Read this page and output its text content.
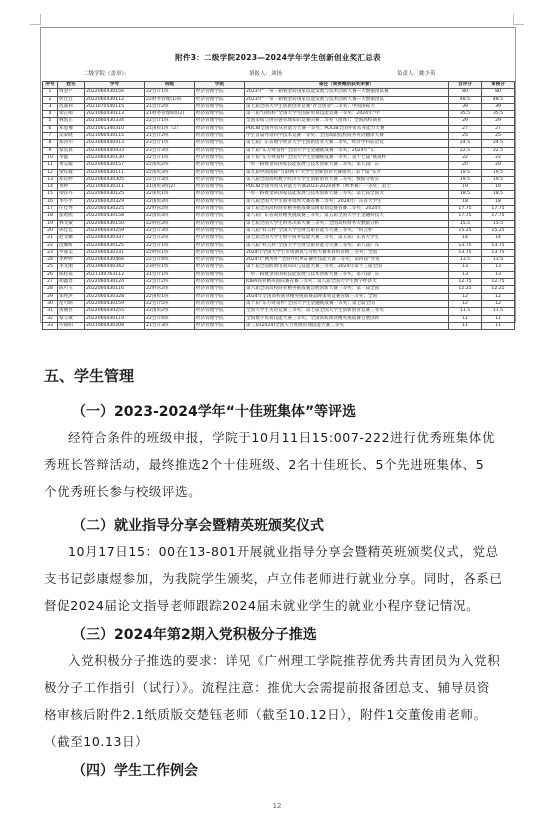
附件3：二级学院2023—2024学年学生创新创业奖汇总表
二级学院（盖章）：	填报人：刘扬	负责人：姚少英
序号	姓名	学号	班级	学院	备注（简要概括获奖荣誉）	自评分	审核分
1	周金卢	2022060430156	22会计1班	经济管理学院	2023年“一带一路暨金砖国家技能发展与技术创新大赛—大数据团队赛	80	80
2	何佳宜	2022060430112	22财务管理(1)班	经济管理学院	2023年“一带一路暨金砖国家技能发展与技术创新大赛—大数据团队	48.5	48.5
3	冼嘉莉	2021070540115	21会计2班	经济管理学院	第七届全国大学生创新创业竞赛“社会创业”二等奖；中国国际大	39	39
4	梁芷晴	2021060430113	21财务管理6班(2)	经济管理学院	第一届“国贸杯”全国大学生国际贸易技能竞赛一等奖；2024年“中	35.5	35.5
5	林凯正	2021060430334	22会计1班	经济管理学院	全国采购与供应链管理知识竞赛决赛二等奖（团体）；全国高校商业	29	29
6	邓思豫	2021061340310	21国贸1班（2）	经济管理学院	POCIB全国外贸从业能力大赛一等奖；POCIB全国外贸从业能力大赛	27	27
7	吴泰晓	2021060430115	21会计2班	经济管理学院	学生首届外语科学技术竞赛一等奖；全国高职院校商务英语翻译大赛	25	25
8	郑涛川	2023060440413	23会计1班	经济管理学院	第七届广东省数字经济大学生创新创业大赛二等奖，经济学科前沿竞	24.5	24.5
9	黎奕晨	2023060440433	23会计3班	经济管理学院	第十届“东方财富杯”全国大学生金融挑战赛一等奖；2024年“正	22.5	22.5
10	李鑫	2022060430130	22会计1班	经济管理学院	第十届“东方财富杯”全国大学生金融挑战赛一等奖；第十七届“挑战杯	22	22
11	黄志媛	2022060430157	22国贸2班	经济管理学院	一带一路暨金砖国家技能发展与技术创新大赛二等奖；第九届广东	20	20
12	梁钰璇	2022060430111	22国贸3班	经济管理学院	第九届中国国际“互联网+”大学生创新创业大赛银奖；第十届“东方	19.5	19.5
13	邓钰婷	2022060430305	22会计3班	经济管理学院	第八届全国高校数字经济大学生创新创业大赛二等奖；数据分析实	19.5	19.5
14	黄婷	2021060430311	21国贸3班(2)	经济管理学院	POCIB全国外贸从业能力大赛2023-2024赛季（秋季赛）一等奖；第七	19	19
15	梁钰丹	2022060430125	22国贸1班	经济管理学院	一带一路暨金砖国家技能发展与技术创新大赛三等奖；第七届全国大	18.5	18.5
16	李小平	2022060420329	22国贸3班	经济管理学院	第八届全国大学生商务谈判大赛省赛二等奖；2024年广东省大学生	18	18
17	庄佳秀	2022060430225	22财管2班	经济管理学院	第十届全国高校商业精英挑战赛品牌策划竞赛省赛二等奖；2024年	17.75	17.75
18	张昀熙	2022060430158	22国贸3班	经济管理学院	第八届广东省商业精英挑战赛三等奖；第五届全国大学生金融科技大	17.75	17.75
19	林文敏	2022060430150	22财管3班	经济管理学院	第七届全国大学生财务决策大赛三等奖；全国高校财务大数据分析	15.5	15.5
20	孙佳佳	2022060430259	22会计3班	经济管理学院	第八届“科云杯”全国大学生财会职业能力大赛三等奖；“科云杯	15.25	15.25
21	赵文姗	2022060430337	22会计2班	经济管理学院	第七届全国大学生数字商务技能大赛三等奖；第五届广东省大学生	14	14
22	沈佩妍	2022060430125	22会计1班	经济管理学院	第八届“科云杯”全国大学生财会职业能力大赛三等奖；第八届广东	13.75	13.75
23	罗嘉美	2022060430231	22财管1班	经济管理学院	2024年全国大学生市场调查与分析大赛本科组省级三等奖；全国	13.75	13.75
24	李婷婷	2022060430466	22会计4班	经济管理学院	2024年“精英杯”全国外贸单证操作技能大赛三等奖；第四届“外贸	13.5	13.5
25	李文丽	2023060440342	23财管1班	经济管理学院	第十届全国跨境电商知识与技能大赛三等奖；2024年第十三届全国	13	13
26	陈桂霞	2021140763112	21会计1班	经济管理学院	一带一路暨金砖国家技能发展与技术创新大赛三等奖；第六届广东	13	13
27	胡鑫容	2022060430124	22会计2班	经济管理学院	IOBA商业精英国际赛省赛三等奖；第八届全国大学生数字经济大	12.75	12.75
28	陈可玉	2022060430116	22财管2班	经济管理学院	第六届全国高校商业精英挑战赛会展创新大赛三等奖；第一届全国	12.25	12.25
29	郑纯洪	2022060430328	22国贸1班	经济管理学院	2024年全国高校商业精英挑战赛品牌策划竞赛省级三等奖；全国	12	12
30	范可晴	2022060430159	22会计5班	经济管理学院	第十届“东方财富杯”全国大学生金融挑战赛一等奖；第七届全国	12	12
31	黄丽君	2022060430255	22国贸2班	经济管理学院	全国大学生英语竞赛三等奖；第七届全国大学生创新创业竞赛三等奖	11.5	11.5
32	黎玉敏	2022060430119	22会计4班	经济管理学院	全国数字贸易技能大赛三等奖；全国高校商业精英挑战赛会展创新	11	11
33	许锦阳	2021060430208	21会计3班	经济管理学院	第三届(2024)全国人力资源管理技能大赛三等奖	11	11
五、学生管理
（一）2023-2024学年“十佳班集体”等评选
经符合条件的班级申报，学院于10月11日15:007-222进行优秀班集体优
秀班长答辩活动，最终推选2个十佳班级、2名十佳班长、5个先进班集体、5
个优秀班长参与校级评选。
（二）就业指导分享会暨精英班颁奖仪式
10月17日15：00在13-801开展就业指导分享会暨精英班颁奖仪式，党总
支书记彭康煜参加，为我院学生颁奖，卢立伟老师进行就业分享。同时，各系已
督促2024届论文指导老师跟踪2024届未就业学生的就业小程序登记情况。
（三）2024年第2期入党积极分子推选
入党积极分子推选的要求：详见《广州理工学院推荐优秀共青团员为入党积
极分子工作指引（试行）》。流程注意：推优大会需提前报备团总支、辅导员资
格审核后附件2.1纸质版交楚钰老师（截至10.12日），附件1交董俊甫老师。
（截至10.13日）
（四）学生工作例会
12
